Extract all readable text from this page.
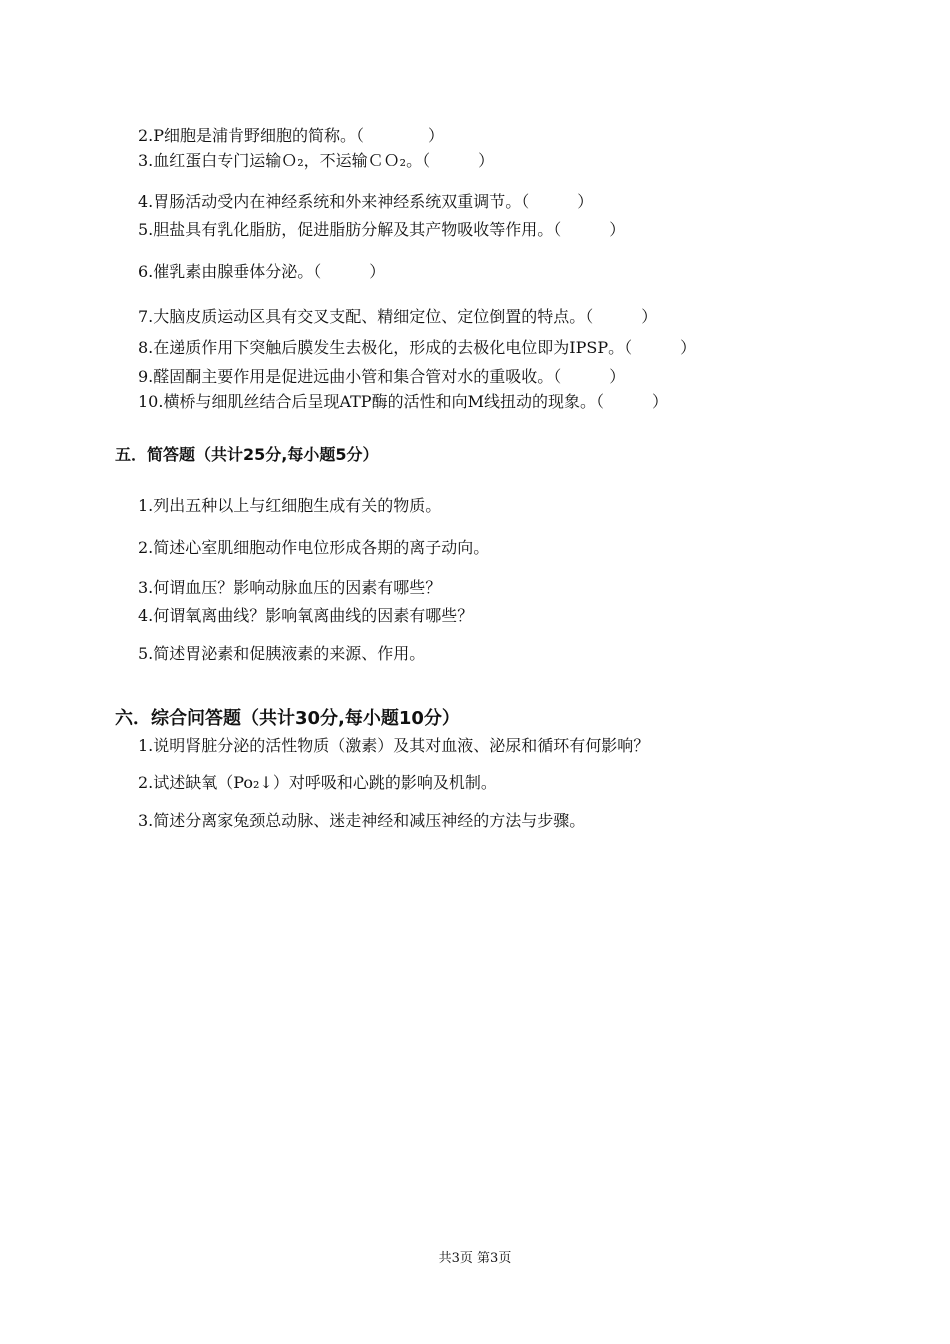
2.P细胞是浦肯野细胞的简称。（　　　　）
3.血红蛋白专门运输Ｏ₂，不运输ＣＯ₂。（　　　）
4.胃肠活动受内在神经系统和外来神经系统双重调节。（　　　）
5.胆盐具有乳化脂肪，促进脂肪分解及其产物吸收等作用。（　　　）
6.催乳素由腺垂体分泌。（　　　）
7.大脑皮质运动区具有交叉支配、精细定位、定位倒置的特点。（　　　）
8.在递质作用下突触后膜发生去极化，形成的去极化电位即为IPSP。（　　　）
9.醛固酮主要作用是促进远曲小管和集合管对水的重吸收。（　　　）
10.横桥与细肌丝结合后呈现ATP酶的活性和向M线扭动的现象。（　　　）
五．简答题（共计25分,每小题5分）
1.列出五种以上与红细胞生成有关的物质。
2.简述心室肌细胞动作电位形成各期的离子动向。
3.何谓血压？影响动脉血压的因素有哪些？
4.何谓氧离曲线？影响氧离曲线的因素有哪些？
5.简述胃泌素和促胰液素的来源、作用。
六．综合问答题（共计30分,每小题10分）
1.说明肾脏分泌的活性物质（激素）及其对血液、泌尿和循环有何影响？
2.试述缺氧（Po₂↓）对呼吸和心跳的影响及机制。
3.简述分离家兔颈总动脉、迷走神经和减压神经的方法与步骤。
共3页 第3页
